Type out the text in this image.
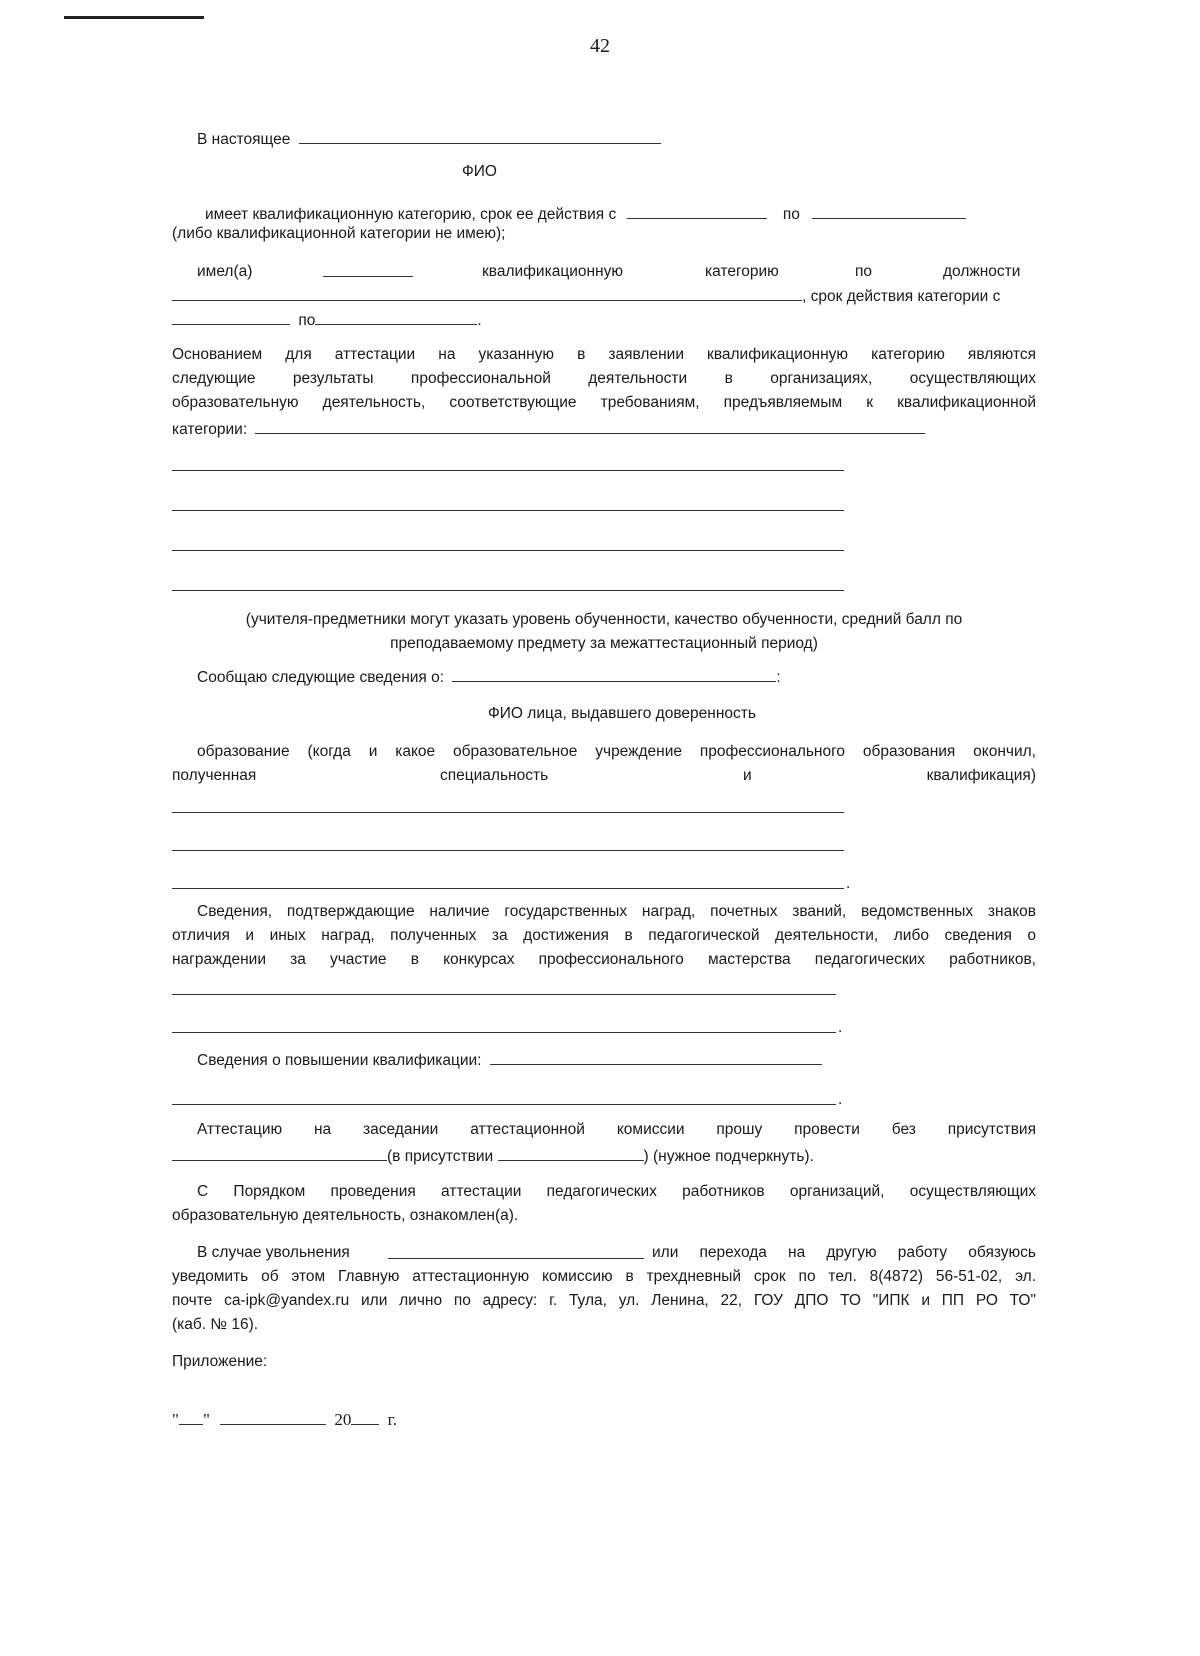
42
В настоящее
ФИО
имеет квалификационную категорию, срок ее действия с	по
(либо квалификационной категории не имею);
имел(а)	квалификационную	категорию	по	должности
, срок действия категории с
по	.
Основанием для аттестации на указанную в заявлении квалификационную категорию являются
следующие результаты профессиональной деятельности в организациях, осуществляющих
образовательную деятельность, соответствующие требованиям, предъявляемым к квалификационной
категории:
(учителя-предметники могут указать уровень обученности, качество обученности, средний балл по
преподаваемому предмету за межаттестационный период)
Сообщаю следующие сведения о:	:
ФИО лица, выдавшего доверенность
образование (когда и какое образовательное учреждение профессионального образования окончил,
полученная	специальность	и	квалификация)
.
Сведения, подтверждающие наличие государственных наград, почетных званий, ведомственных знаков
отличия и иных наград, полученных за достижения в педагогической деятельности, либо сведения о
награждении за участие в конкурсах профессионального мастерства педагогических работников,
.
Сведения о повышении квалификации:
.
Аттестацию на заседании аттестационной комиссии прошу провести без присутствия
(в присутствии	) (нужное подчеркнуть).
С Порядком проведения аттестации педагогических работников организаций, осуществляющих
образовательную деятельность, ознакомлен(а).
В случае увольнения	или перехода на другую работу обязуюсь
уведомить об этом Главную аттестационную комиссию в трехдневный срок по тел. 8(4872) 56-51-02, эл.
почте ca-ipk@yandex.ru или лично по адресу: г. Тула, ул. Ленина, 22, ГОУ ДПО ТО "ИПК и ПП РО ТО"
(каб. № 16).
Приложение:
" "	20 г.
